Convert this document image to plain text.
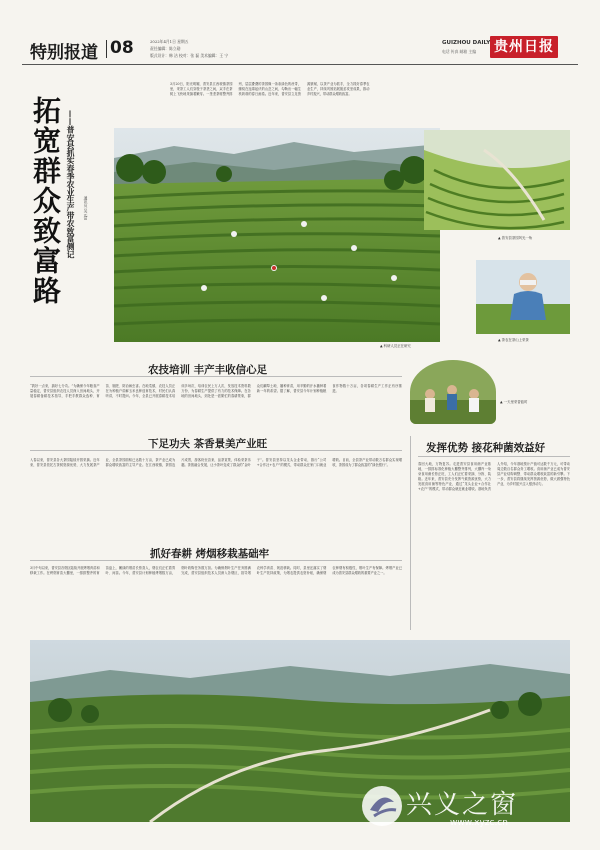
特别报道 08	2022年4月1日 星期五
责任编辑：陈立勋
版式设计：韩 洁 校对：张 磊 美术编辑：王 宁
GUIZHOU DAILY
电话 传真 邮箱 主编 贵州日报
拓宽群众致富路 ——普安县抓实春季农业生产带农致富侧记 通讯员 吴元富
3月20日，阳光明媚，普安县江西坡镇茶园里，采茶工人们穿梭于茶垄之间，双手在茶树上飞快地采摘着嫩芽。一垄垄茶树整齐排列，层层叠叠的茶园像一条条绿色的丝带，缠绕在连绵起伏的山峦之间，勾勒出一幅生机勃勃的春日画卷。近年来，普安县立足资源禀赋，以茶产业为抓手，全力抓好春季农业生产，持续巩固拓展脱贫攻坚成果，推动乡村振兴，带动群众增收致富。
▲ 普安县茶园风光一角
▲ 茶农在茶山上采茶
▲ 科研人员正在研究
农技培训 丰产丰收信心足
“我好一点来，搞好七分功。”为确保今年粮食产量稳定，普安县组织农技人员深入田间地头，开展春耕备耕技术指导，手把手教群众选种、育苗、施肥、防治病虫害。在地瓜镇，农技人员正在为种植户讲解玉米良种选育技术，村民们认真听讲，不时提问。今年，全县已开展春耕技术培训多场次，培训农民上万人次，发放技术资料数万份，为春耕生产提供了有力的技术保障。在各地的田间地头，到处是一派繁忙的春耕景象，群众们翻犁土地、播种育苗，用辛勤的汗水播种着新一年的希望。据了解，普安县今年计划种植粮食作物数十万亩，各项春耕生产工作正有序推进。
▲ 一天里采香菇时
下足功夫 茶香景美产业旺
入春以来，普安县各大茶园陆续开园采摘。近年来，普安县依托古茶树资源优势，大力发展茶产业，全县茶园面积已达数十万亩，茶产业已成为群众增收致富的主导产业。在江西坡镇，茶园连片成景，游客纷至沓来，品茶赏景，体验采茶乐趣。茶旅融合发展，让小茶叶变成了群众的“金叶子”。普安县坚持以龙头企业带动，推行“公司+合作社+农户”的模式，带动群众在家门口就业增收。目前，全县茶产业带动数万名群众实现增收，茶园成为了群众致富的“绿色银行”。
抓好春耕 烤烟移栽基础牢
3月中旬以来，普安县各烟区陆续开展烤烟育苗和移栽工作。在烤烟育苗大棚里，一排排整齐的育苗盘上，嫩绿的烟苗长势喜人，烟农们正忙着剪叶、间苗。今年，普安县计划种植烤烟数万亩，烟叶收购任务数万担。为确保烟叶生产任务圆满完成，普安县组织技术人员深入各烟区，指导烟农科学育苗、规范移栽。同时，县里还落实了烟叶生产扶持政策，为烟农提供农资补贴，确保烟农种烟有积极性，烟叶生产有保障。烤烟产业已成为普安县群众增收的重要产业之一。
发挥优势 接花种菌效益好
春回大地，万物复苏。走进普安县食用菌产业基地，一排排标准化种植大棚整齐排列，大棚内一朵朵食用菌长势正旺，工人们正忙着采摘、分拣、装箱。近年来，普安县充分发挥气候资源优势，大力发展食用菌等特色产业，通过“龙头企业+合作社+农户”的模式，带动群众就近就业增收。基地负责人介绍，今年基地预计产值可达数千万元，可带动周边数百名群众务工增收。食用菌产业已成为普安县产业结构调整、带动群众增收致富的新引擎。下一步，普安县将继续发挥资源优势，做大做强特色产业，为乡村振兴注入强劲动力。
兴义之窗
www.xyzc.cn
